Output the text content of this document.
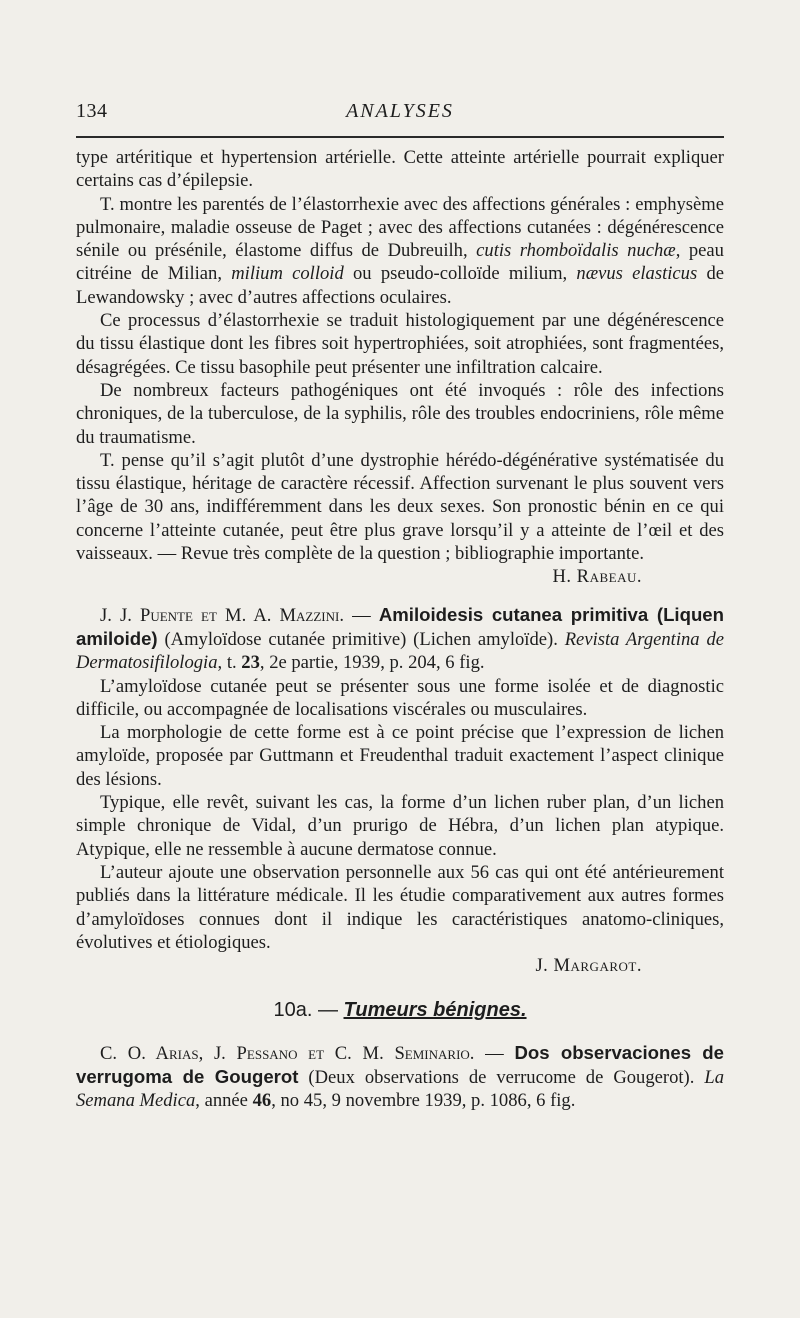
134	ANALYSES

type artéritique et hypertension artérielle. Cette atteinte artérielle pourrait expliquer certains cas d’épilepsie.

T. montre les parentés de l’élastorrhexie avec des affections générales : emphysème pulmonaire, maladie osseuse de Paget ; avec des affections cutanées : dégénérescence sénile ou présénile, élastome diffus de Dubreuilh, cutis rhomboïdalis nuchæ, peau citréine de Milian, milium colloid ou pseudo-colloïde milium, nævus elasticus de Lewandowsky ; avec d’autres affections oculaires.

Ce processus d’élastorrhexie se traduit histologiquement par une dégénérescence du tissu élastique dont les fibres soit hypertrophiées, soit atrophiées, sont fragmentées, désagrégées. Ce tissu basophile peut présenter une infiltration calcaire.

De nombreux facteurs pathogéniques ont été invoqués : rôle des infections chroniques, de la tuberculose, de la syphilis, rôle des troubles endocriniens, rôle même du traumatisme.

T. pense qu’il s’agit plutôt d’une dystrophie hérédo-dégénérative systématisée du tissu élastique, héritage de caractère récessif. Affection survenant le plus souvent vers l’âge de 30 ans, indifféremment dans les deux sexes. Son pronostic bénin en ce qui concerne l’atteinte cutanée, peut être plus grave lorsqu’il y a atteinte de l’œil et des vaisseaux. — Revue très complète de la question ; bibliographie importante.

H. Rabeau.

J. J. Puente et M. A. Mazzini. — Amiloidesis cutanea primitiva (Liquen amiloide) (Amyloïdose cutanée primitive) (Lichen amyloïde). Revista Argentina de Dermatosifilologia, t. 23, 2e partie, 1939, p. 204, 6 fig.

L’amyloïdose cutanée peut se présenter sous une forme isolée et de diagnostic difficile, ou accompagnée de localisations viscérales ou musculaires.

La morphologie de cette forme est à ce point précise que l’expression de lichen amyloïde, proposée par Guttmann et Freudenthal traduit exactement l’aspect clinique des lésions.

Typique, elle revêt, suivant les cas, la forme d’un lichen ruber plan, d’un lichen simple chronique de Vidal, d’un prurigo de Hébra, d’un lichen plan atypique. Atypique, elle ne ressemble à aucune dermatose connue.

L’auteur ajoute une observation personnelle aux 56 cas qui ont été antérieurement publiés dans la littérature médicale. Il les étudie comparativement aux autres formes d’amyloïdoses connues dont il indique les caractéristiques anatomo-cliniques, évolutives et étiologiques.

J. Margarot.
10a. — Tumeurs bénignes.

C. O. Arias, J. Pessano et C. M. Seminario. — Dos observaciones de verrugoma de Gougerot (Deux observations de verrucome de Gougerot). La Semana Medica, année 46, no 45, 9 novembre 1939, p. 1086, 6 fig.
